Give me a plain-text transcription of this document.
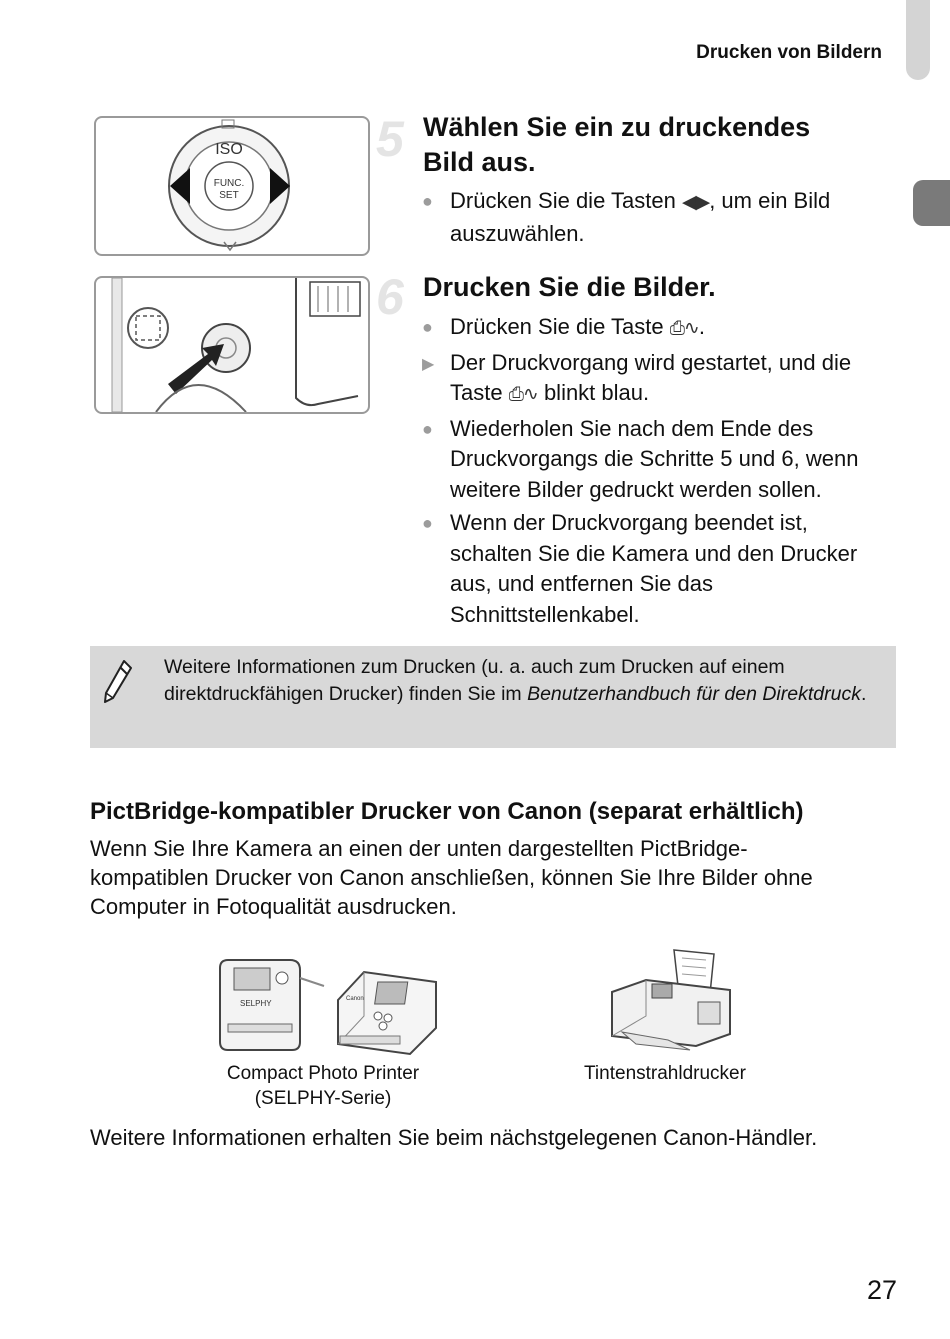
Drucken von Bildern
ISO
FUNC.
SET
5 Wählen Sie ein zu druckendes Bild aus.
●
Drücken Sie die Tasten ◀▶, um ein Bild auszuwählen.
6 Drucken Sie die Bilder.
●
Drücken Sie die Taste ⎙∿.
▶
Der Druckvorgang wird gestartet, und die Taste ⎙∿ blinkt blau.
●
Wiederholen Sie nach dem Ende des Druckvorgangs die Schritte 5 und 6, wenn weitere Bilder gedruckt werden sollen.
●
Wenn der Druckvorgang beendet ist, schalten Sie die Kamera und den Drucker aus, und entfernen Sie das Schnittstellenkabel.
Weitere Informationen zum Drucken (u. a. auch zum Drucken auf einem direktdruckfähigen Drucker) finden Sie im Benutzerhandbuch für den Direktdruck.
PictBridge-kompatibler Drucker von Canon (separat erhältlich)
Wenn Sie Ihre Kamera an einen der unten dargestellten PictBridge-kompatiblen Drucker von Canon anschließen, können Sie Ihre Bilder ohne Computer in Fotoqualität ausdrucken.
SELPHY	Canon
Compact Photo Printer
(SELPHY-Serie)
Tintenstrahldrucker
Weitere Informationen erhalten Sie beim nächstgelegenen Canon-Händler.
27
